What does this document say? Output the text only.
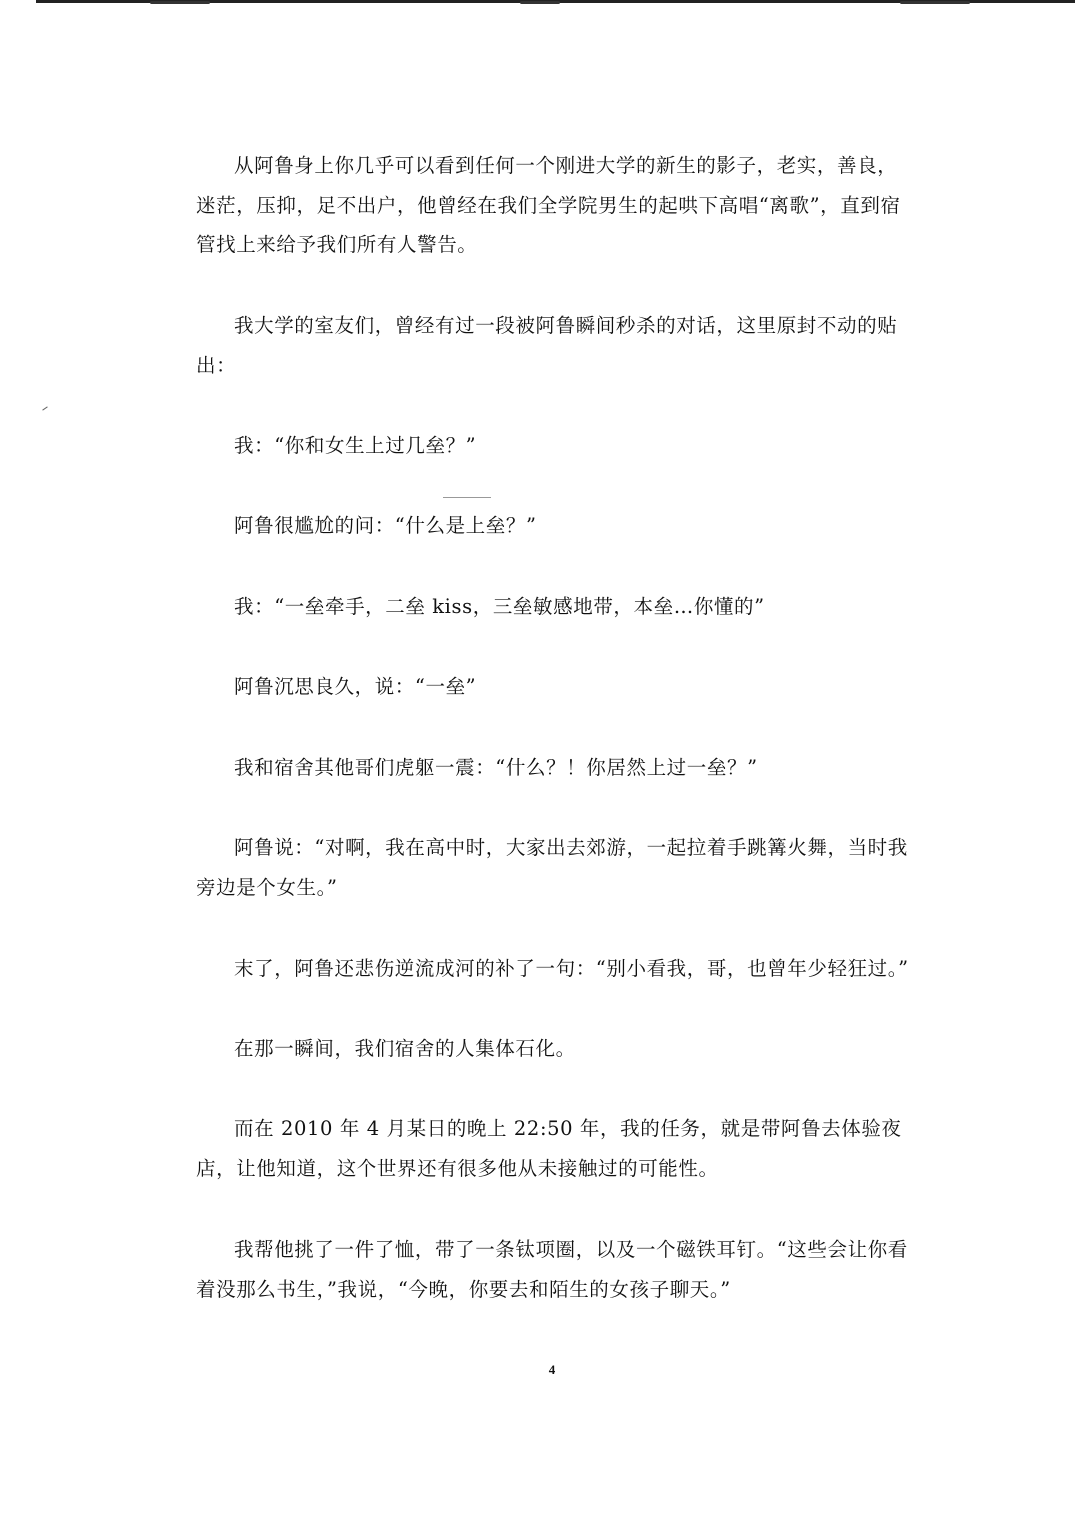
从阿鲁身上你几乎可以看到任何一个刚进大学的新生的影子，老实，善良，迷茫，压抑，足不出户，他曾经在我们全学院男生的起哄下高唱“离歌”，直到宿管找上来给予我们所有人警告。

我大学的室友们，曾经有过一段被阿鲁瞬间秒杀的对话，这里原封不动的贴出：

我：“你和女生上过几垒？”

阿鲁很尴尬的问：“什么是上垒？”

我：“一垒牵手，二垒 kiss，三垒敏感地带，本垒…你懂的”

阿鲁沉思良久，说：“一垒”

我和宿舍其他哥们虎躯一震：“什么？！你居然上过一垒？”

阿鲁说：“对啊，我在高中时，大家出去郊游，一起拉着手跳篝火舞，当时我旁边是个女生。”

末了，阿鲁还悲伤逆流成河的补了一句：“别小看我，哥，也曾年少轻狂过。”

在那一瞬间，我们宿舍的人集体石化。

而在 2010 年 4 月某日的晚上 22:50 年，我的任务，就是带阿鲁去体验夜店，让他知道，这个世界还有很多他从未接触过的可能性。

我帮他挑了一件了恤，带了一条钛项圈，以及一个磁铁耳钉。“这些会让你看着没那么书生，”我说，“今晚，你要去和陌生的女孩子聊天。”

4
